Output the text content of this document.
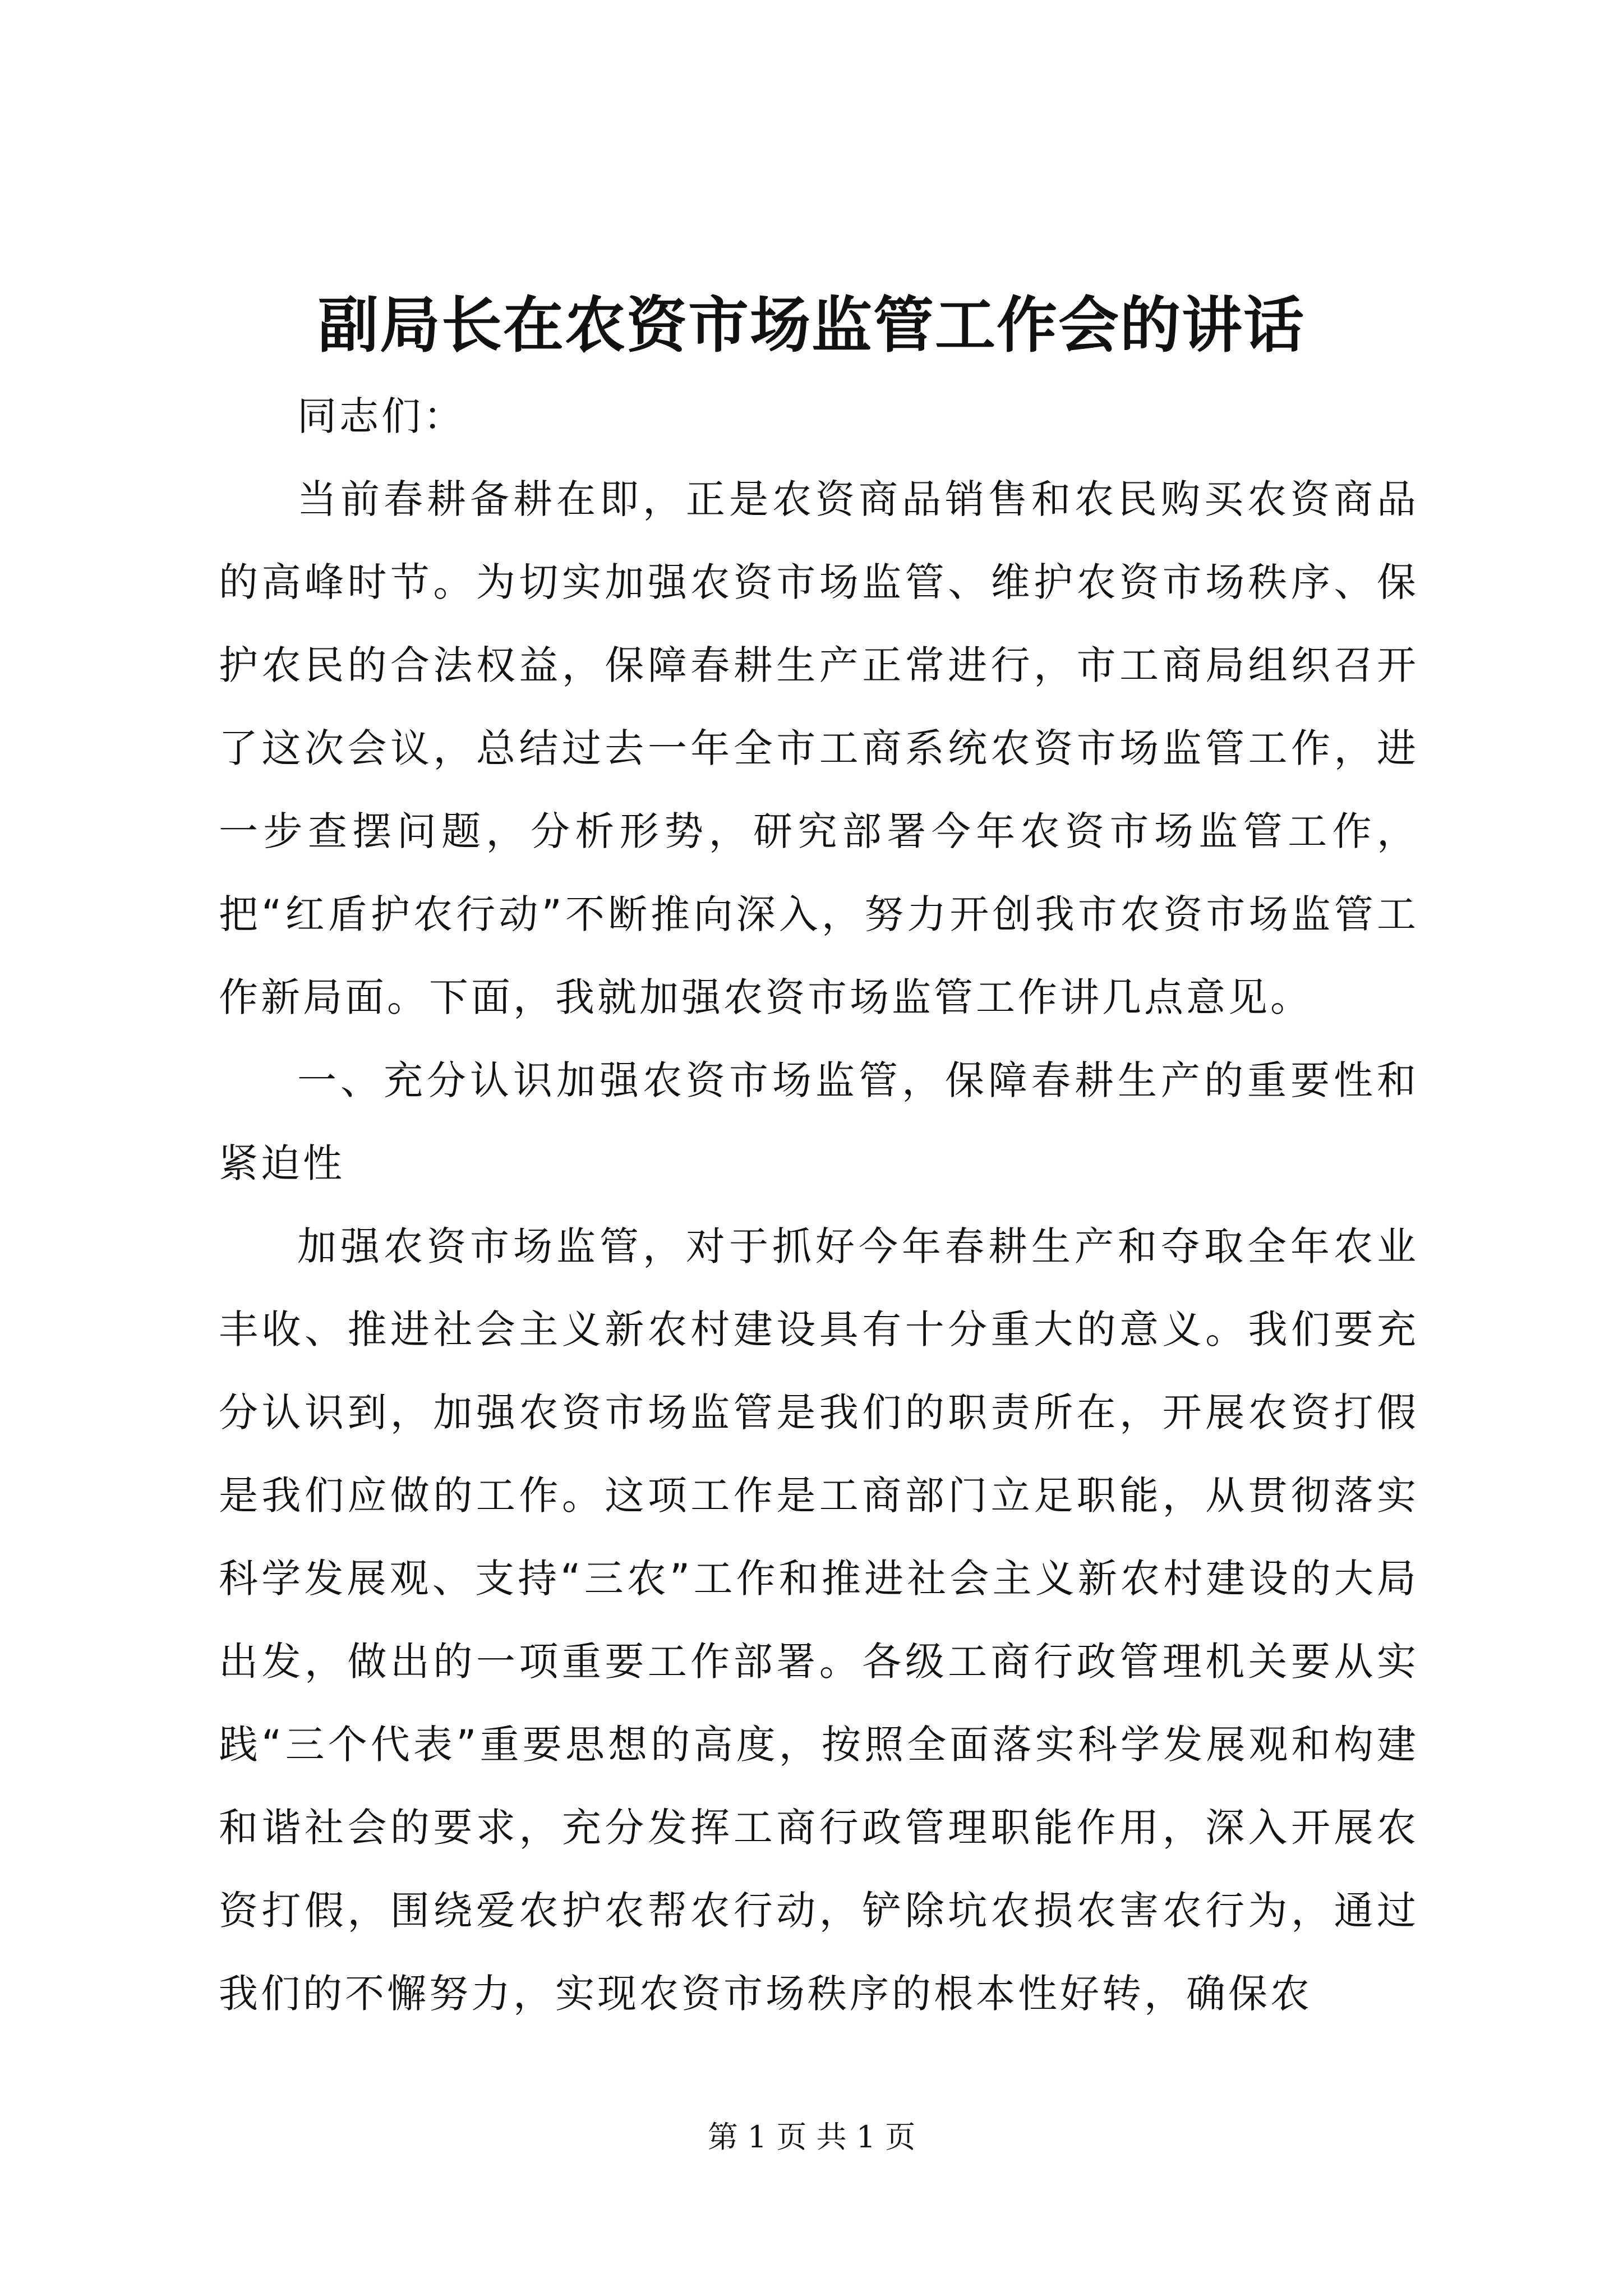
副局长在农资市场监管工作会的讲话

同志们：

当前春耕备耕在即，正是农资商品销售和农民购买农资商品的高峰时节。为切实加强农资市场监管、维护农资市场秩序、保护农民的合法权益，保障春耕生产正常进行，市工商局组织召开了这次会议，总结过去一年全市工商系统农资市场监管工作，进一步查摆问题，分析形势，研究部署今年农资市场监管工作，把“红盾护农行动”不断推向深入，努力开创我市农资市场监管工作新局面。下面，我就加强农资市场监管工作讲几点意见。

一、充分认识加强农资市场监管，保障春耕生产的重要性和紧迫性

加强农资市场监管，对于抓好今年春耕生产和夺取全年农业丰收、推进社会主义新农村建设具有十分重大的意义。我们要充分认识到，加强农资市场监管是我们的职责所在，开展农资打假是我们应做的工作。这项工作是工商部门立足职能，从贯彻落实科学发展观、支持“三农”工作和推进社会主义新农村建设的大局出发，做出的一项重要工作部署。各级工商行政管理机关要从实践“三个代表”重要思想的高度，按照全面落实科学发展观和构建和谐社会的要求，充分发挥工商行政管理职能作用，深入开展农资打假，围绕爱农护农帮农行动，铲除坑农损农害农行为，通过我们的不懈努力，实现农资市场秩序的根本性好转，确保农

第 1 页 共 1 页
